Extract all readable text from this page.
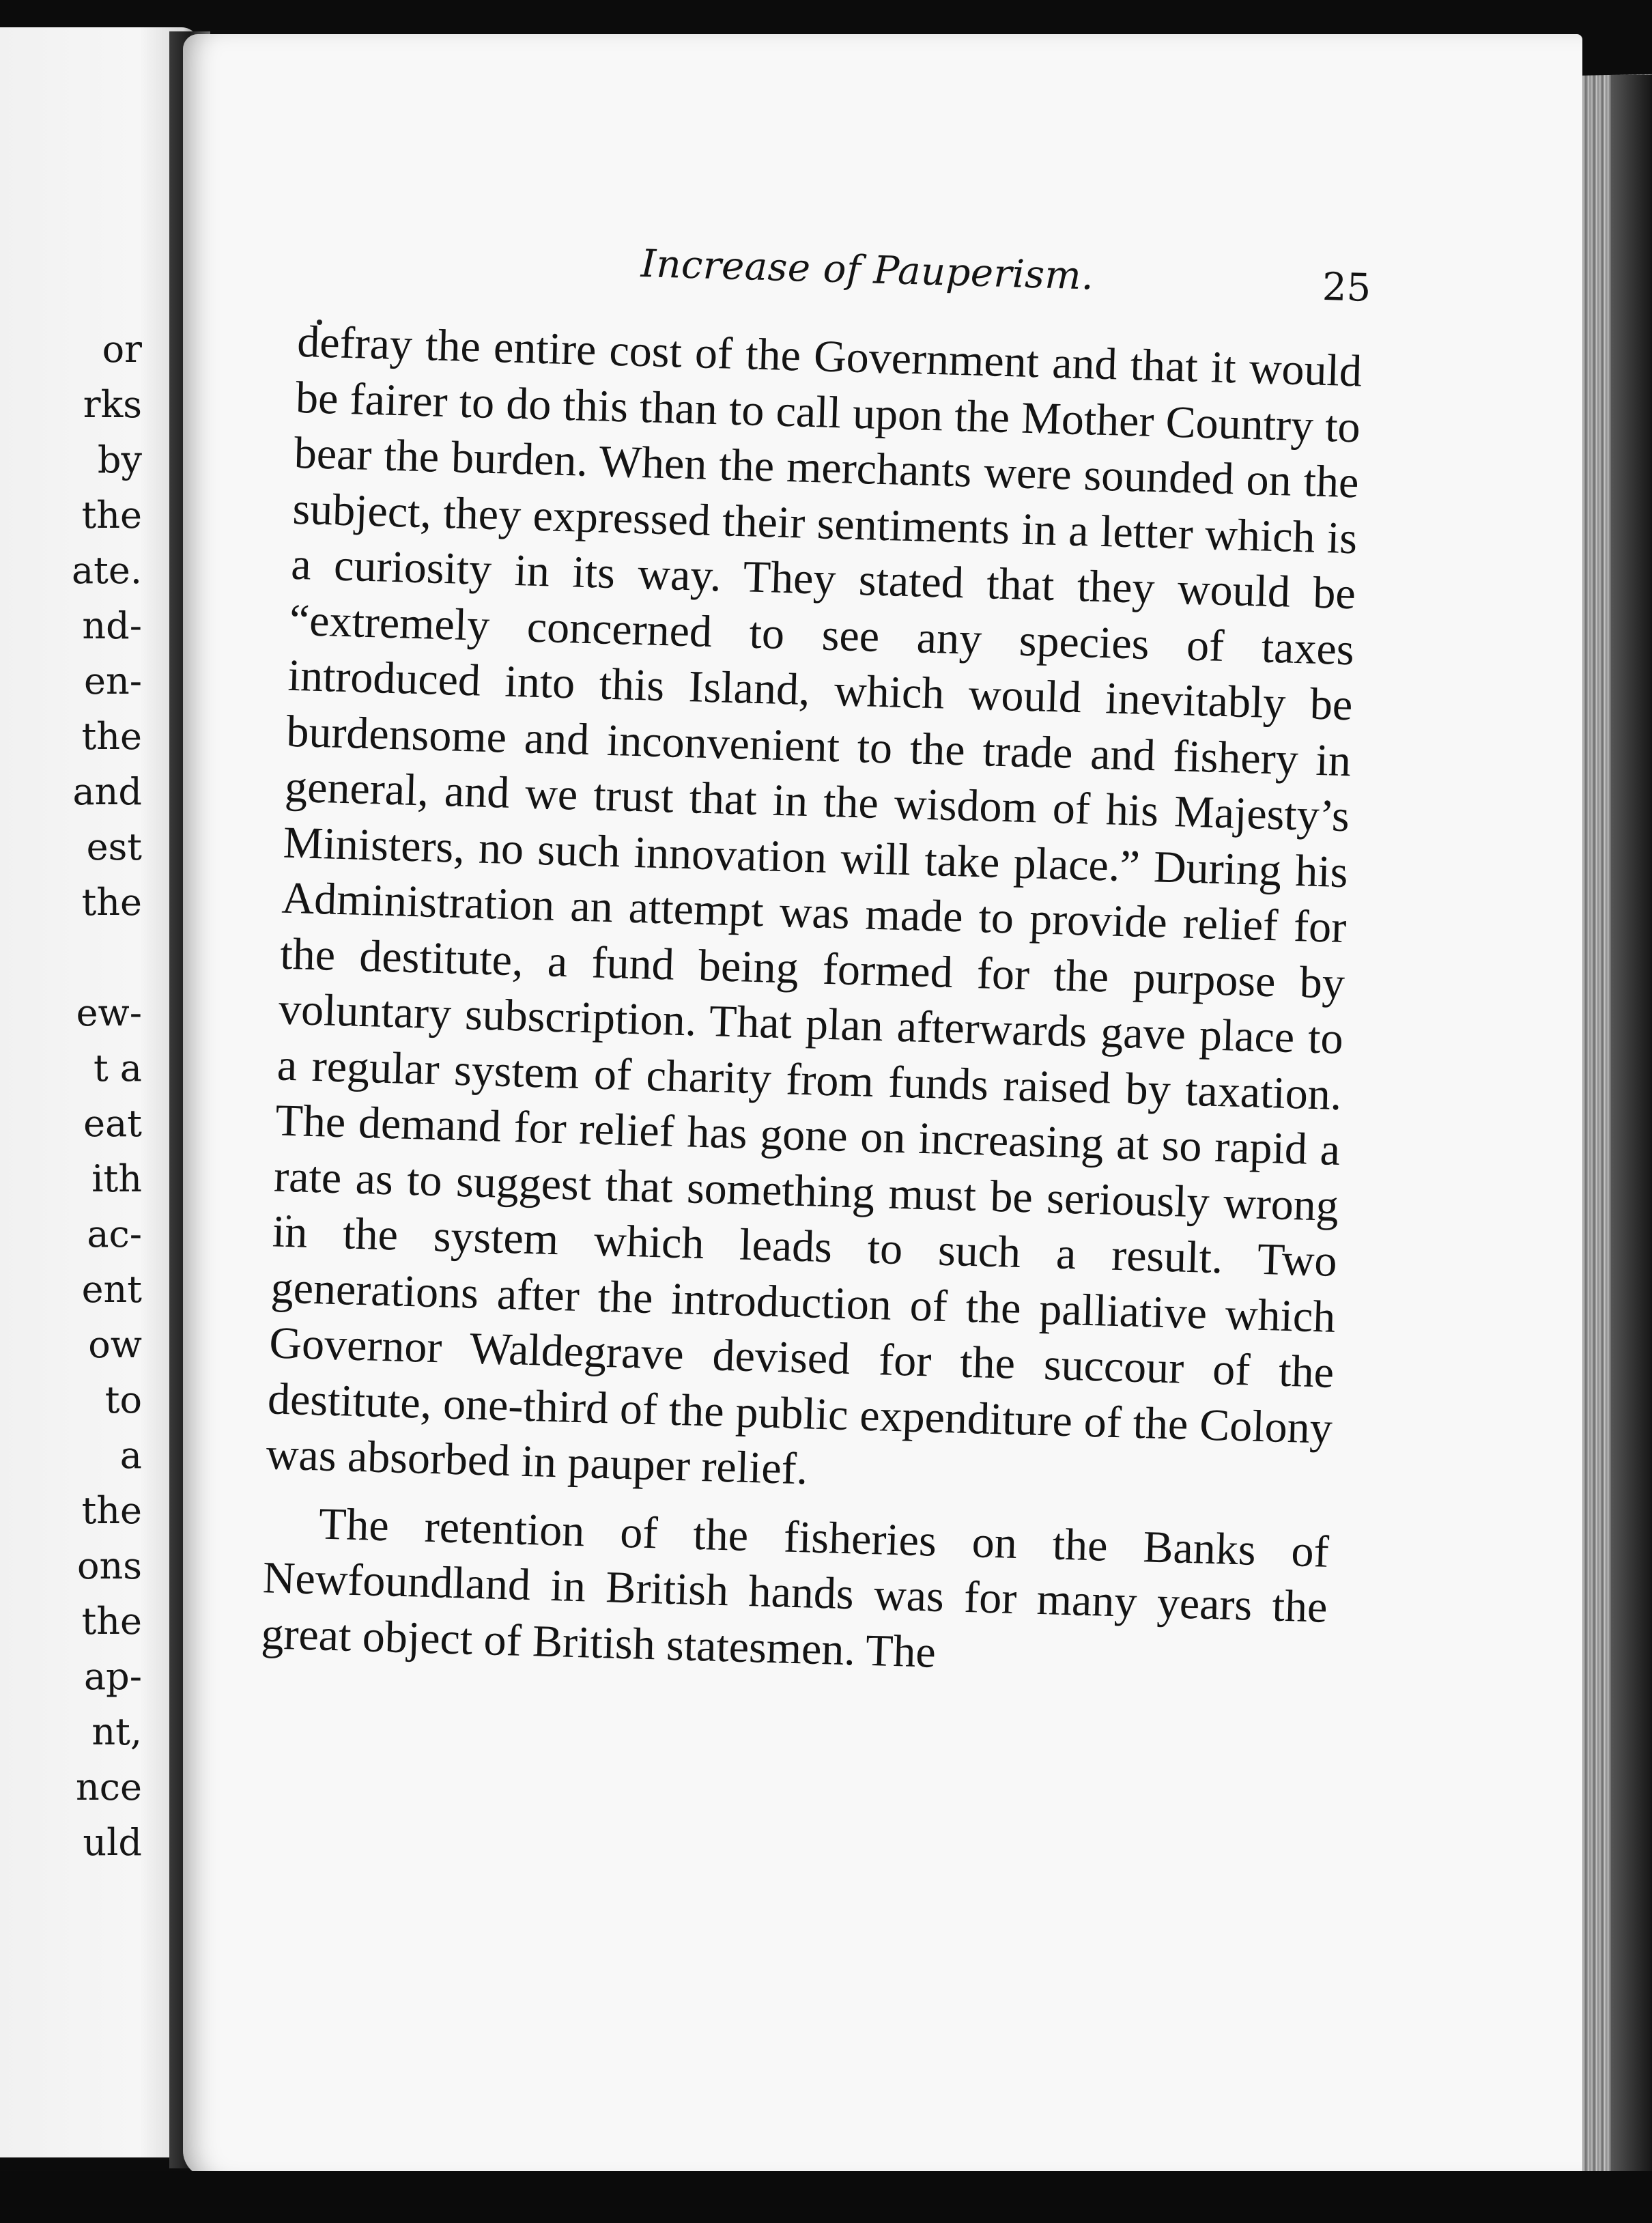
or
rks
by
the
ate.
nd-
en-
the
and
est
the
ew-
t a
eat
ith
ac-
ent
ow
to
a
the
ons
the
ap-
nt,
nce
uld
Increase of Pauperism.	25

defray the entire cost of the Government and that it would be fairer to do this than to call upon the Mother Country to bear the burden. When the merchants were sounded on the subject, they expressed their sentiments in a letter which is a curiosity in its way. They stated that they would be “extremely concerned to see any species of taxes introduced into this Island, which would inevitably be burdensome and inconvenient to the trade and fishery in general, and we trust that in the wisdom of his Majesty’s Ministers, no such innovation will take place.” During his Administration an attempt was made to provide relief for the destitute, a fund being formed for the purpose by voluntary subscription. That plan afterwards gave place to a regular system of charity from funds raised by taxation. The demand for relief has gone on increasing at so rapid a rate as to suggest that something must be seriously wrong in the system which leads to such a result. Two generations after the introduction of the palliative which Governor Waldegrave devised for the succour of the destitute, one-third of the public expenditure of the Colony was absorbed in pauper relief.

The retention of the fisheries on the Banks of Newfoundland in British hands was for many years the great object of British statesmen. The
